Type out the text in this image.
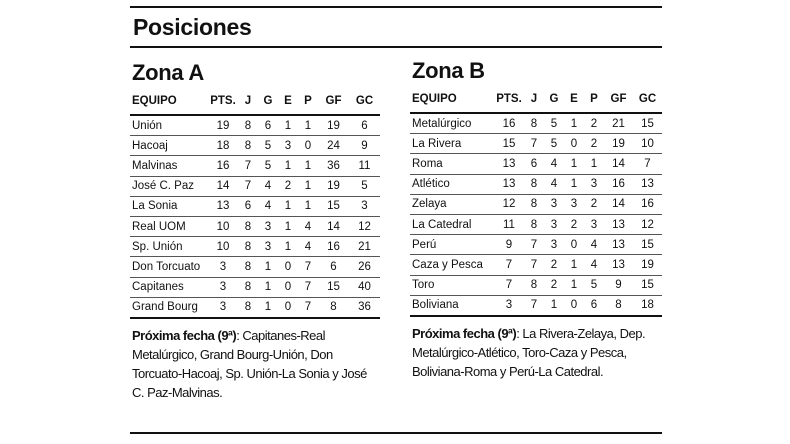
Posiciones
Zona A
EQUIPO	PTS.	J	G	E	P	GF	GC
Unión	19	8	6	1	1	19	6
Hacoaj	18	8	5	3	0	24	9
Malvinas	16	7	5	1	1	36	11
José C. Paz	14	7	4	2	1	19	5
La Sonia	13	6	4	1	1	15	3
Real UOM	10	8	3	1	4	14	12
Sp. Unión	10	8	3	1	4	16	21
Don Torcuato	3	8	1	0	7	6	26
Capitanes	3	8	1	0	7	15	40
Grand Bourg	3	8	1	0	7	8	36
Próxima fecha (9ª): Capitanes-Real Metalúrgico, Grand Bourg-Unión, Don Torcuato-Hacoaj, Sp. Unión-La Sonia y José C. Paz-Malvinas.
Zona B
EQUIPO	PTS.	J	G	E	P	GF	GC
Metalúrgico	16	8	5	1	2	21	15
La Rivera	15	7	5	0	2	19	10
Roma	13	6	4	1	1	14	7
Atlético	13	8	4	1	3	16	13
Zelaya	12	8	3	3	2	14	16
La Catedral	11	8	3	2	3	13	12
Perú	9	7	3	0	4	13	15
Caza y Pesca	7	7	2	1	4	13	19
Toro	7	8	2	1	5	9	15
Boliviana	3	7	1	0	6	8	18
Próxima fecha (9ª): La Rivera-Zelaya, Dep. Metalúrgico-Atlético, Toro-Caza y Pesca, Boliviana-Roma y Perú-La Catedral.
